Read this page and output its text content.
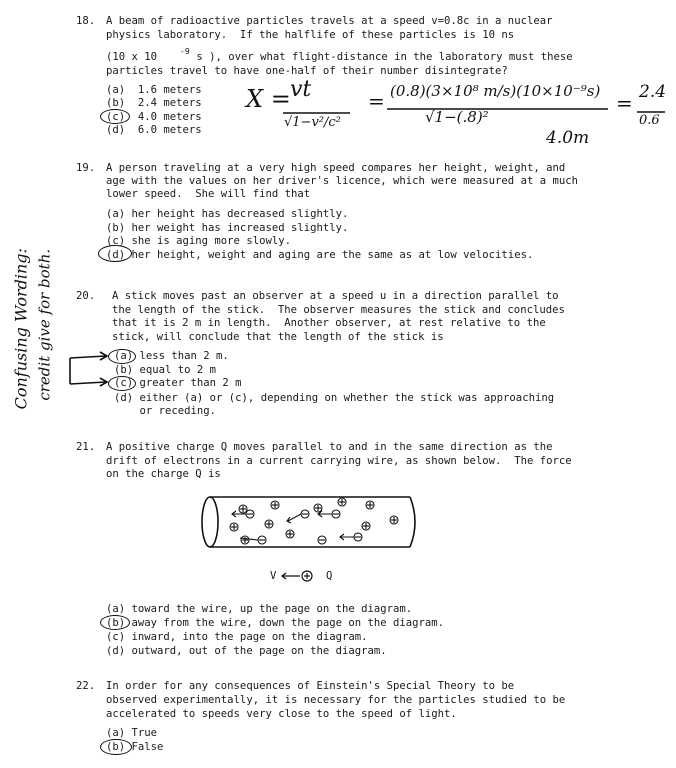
18. A beam of radioactive particles travels at a speed v=0.8c in a nuclear
physics laboratory.  If the halflife of these particles is 10 ns
(10 x 10	-9 s ), over what flight-distance in the laboratory must these
particles travel to have one-half of their number disintegrate?
(a)  1.6 meters
(b)  2.4 meters
(c)  4.0 meters
(d)  6.0 meters
X = vt
√1−v²/c²
= (0.8)(3×10⁸ m/s)(10×10⁻⁹s)
√1−(.8)²
= 2.4
0.6
4.0m
19. A person traveling at a very high speed compares her height, weight, and
age with the values on her driver's licence, which were measured at a much
lower speed.  She will find that
(a) her height has decreased slightly.
(b) her weight has increased slightly.
(c) she is aging more slowly.
(d) her height, weight and aging are the same as at low velocities.
20. A stick moves past an observer at a speed u in a direction parallel to
the length of the stick.  The observer measures the stick and concludes
that it is 2 m in length.  Another observer, at rest relative to the
stick, will conclude that the length of the stick is
(a) less than 2 m.
(b) equal to 2 m
(c) greater than 2 m
(d) either (a) or (c), depending on whether the stick was approaching
or receding.
Confusing Wording: credit give for both.
21. A positive charge Q moves parallel to and in the same direction as the
drift of electrons in a current carrying wire, as shown below.  The force
on the charge Q is
V	Q
(a) toward the wire, up the page on the diagram.
(b) away from the wire, down the page on the diagram.
(c) inward, into the page on the diagram.
(d) outward, out of the page on the diagram.
22. In order for any consequences of Einstein's Special Theory to be
observed experimentally, it is necessary for the particles studied to be
accelerated to speeds very close to the speed of light.
(a) True
(b) False
